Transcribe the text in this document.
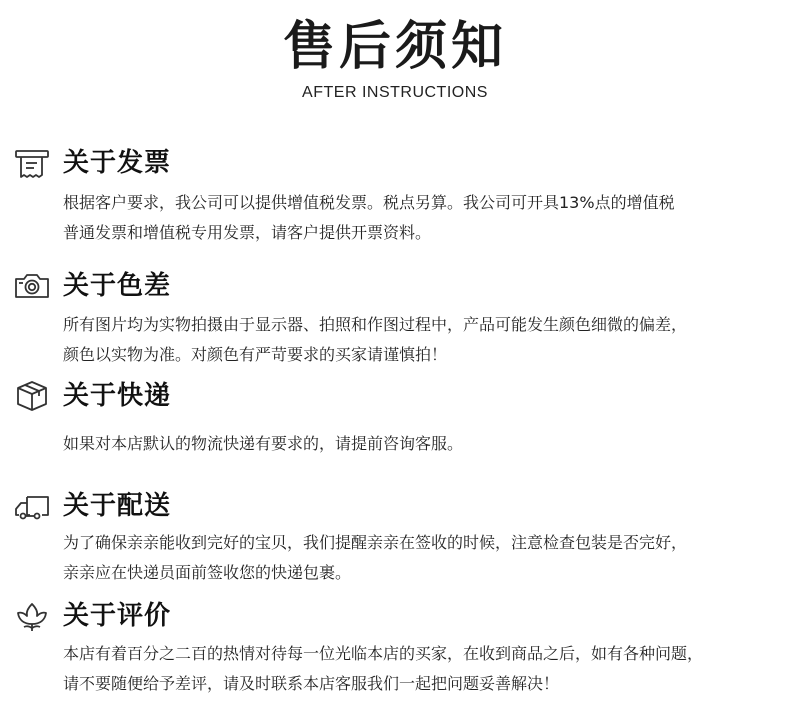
售后须知
AFTER INSTRUCTIONS
关于发票
根据客户要求，我公司可以提供增值税发票。税点另算。我公司可开具13%点的增值税
普通发票和增值税专用发票，请客户提供开票资料。
关于色差
所有图片均为实物拍摄由于显示器、拍照和作图过程中，产品可能发生颜色细微的偏差，
颜色以实物为准。对颜色有严苛要求的买家请谨慎拍！
关于快递
如果对本店默认的物流快递有要求的，请提前咨询客服。
关于配送
为了确保亲亲能收到完好的宝贝，我们提醒亲亲在签收的时候，注意检查包装是否完好，
亲亲应在快递员面前签收您的快递包裹。
关于评价
本店有着百分之二百的热情对待每一位光临本店的买家，在收到商品之后，如有各种问题，
请不要随便给予差评，请及时联系本店客服我们一起把问题妥善解决！
